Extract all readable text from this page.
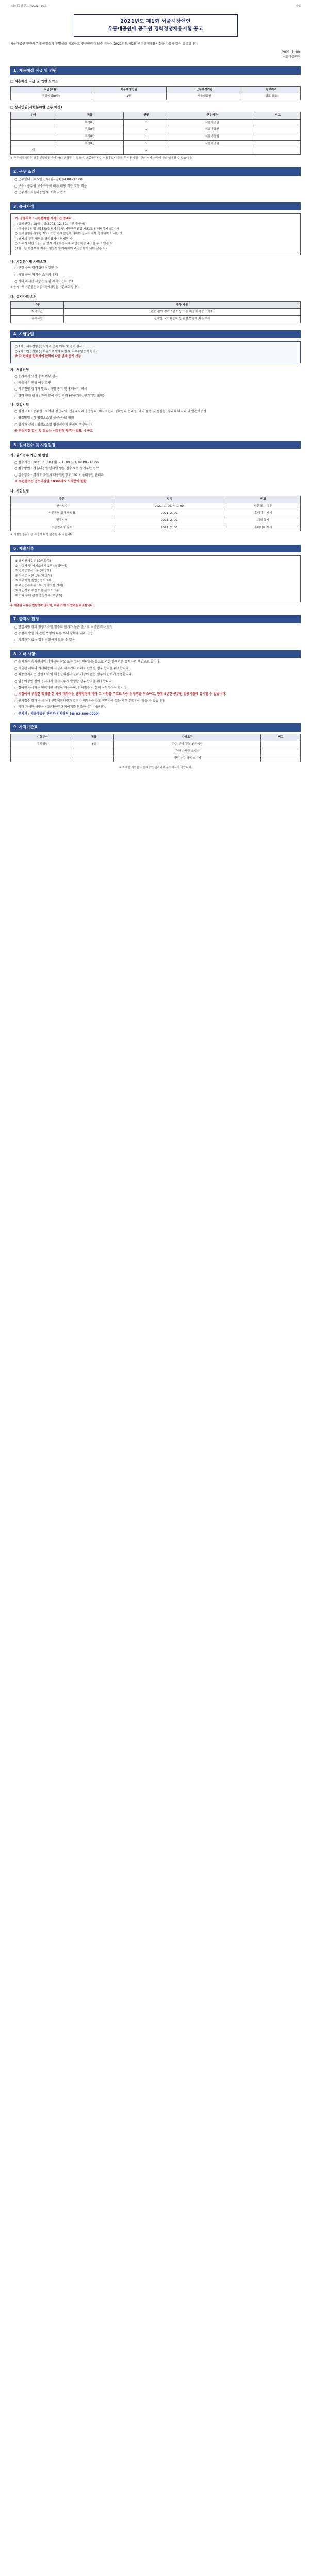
서울대공원 공고 제2021 - 00호	사업
2021년도 제1회 서울시장애인
우동대공원에 공무원 경력경쟁채용시험 공고
서울대공원 민원사무의 공정성과 투명성을 제고하고 전문인력 확보를 위하여 2021년도 제1회 경력경쟁채용시험을 다음과 같이 공고합니다.
2021. 1. 00.
서울대공원장
1. 채용예정 직급 및 인원
□ 채용예정 직급 및 인원 요약표
직급(직류)	채용예정인원	근무예정기관	필요자격
우정임업(8급)	1명	서울대공원	별도 참조
□ 상세인원(시험분야별 근무 예정)
분야	직급	인원	근무기관	비고
	우정8급	1	서울대공원	
	우정8급	1	서울대공원	
	우정8급	1	서울대공원	
	우정8급	1	서울대공원	
계		1		
※ 근무예정기관은 향후 인력사정 등에 따라 변경될 수 있으며, 최종합격자는 임용후보자 등록 후 임용예정기관의 인사 사정에 따라 임용될 수 있습니다.
2. 근무 조건
○ 근무형태 : 주 5일 근무(월~금), 09:00~18:00
○ 보수 : 공무원 보수규정에 따른 해당 직급 호봉 적용
○ 근무지 : 서울대공원 및 소속 사업소
3. 응시자격
가. 공통자격 : 시험분야별 자격요건 충족자
○ 응시연령 : 18세 이상(2003. 12. 31. 이전 출생자)
○ 국가공무원법 제33조(결격사유) 및 지방공무원법 제31조에 해당하지 않는 자
○ 공무원임용시험령 제51조 등 관계법령에 의하여 응시자격이 정지되지 아니한 자
○ 남자의 경우 병역을 필하였거나 면제된 자
○ 거주지 제한 : 공고일 현재 서울특별시에 주민등록상 주소를 두고 있는 자
(1월 1일 이전부터 최종시험일까지 계속하여 주민등록이 되어 있는 자)
나. 시험분야별 자격요건
○ 관련 분야 경력 3년 이상인 자
○ 해당 분야 자격증 소지자 우대
○ 기타 자세한 사항은 붙임 자격요건표 참조
※ 응시자격 기준일은 최종시험예정일을 기준으로 합니다.
다. 응시자격 요건
구분	세부 내용
자격요건	관련 분야 경력 3년 이상 또는 해당 자격증 소지자
우대사항	장애인, 국가유공자 등 관련 법령에 따른 우대
4. 시험방법
○ 1차 : 서류전형 (응시자격 충족 여부 및 경력 심사)
○ 2차 : 면접시험 (공무원으로서의 자질 및 직무수행능력 평가)
※ 각 단계별 합격자에 한하여 다음 단계 응시 가능
가. 서류전형
○ 응시자격 요건 충족 여부 심사
○ 제출서류 진위 여부 확인
○ 서류전형 합격자 발표 : 개별 통지 및 홈페이지 게시
○ 경력 인정 범위 : 관련 분야 근무 경력 (공공기관, 민간기업 포함)
나. 면접시험
○ 평정요소 : 공무원으로서의 정신자세, 전문지식과 응용능력, 의사표현의 정확성과 논리성, 예의·품행 및 성실성, 창의력·의지력 및 발전가능성
○ 평정방법 : 각 평정요소별 상·중·하로 평정
○ 합격자 결정 : 평정요소별 평정점수의 총점이 우수한 자
※ 면접시험 일시 및 장소는 서류전형 합격자 발표 시 공고
5. 원서접수 및 시험일정
가. 원서접수 기간 및 방법
○ 접수기간 : 2021. 1. 00.(월) ~ 1. 00.(금), 09:00~18:00
○ 접수방법 : 서울대공원 인사팀 방문 접수 또는 등기우편 접수
○ 접수장소 : 경기도 과천시 대공원광장로 102 서울대공원 관리과
※ 우편접수는 접수마감일 18:00까지 도착분에 한함
나. 시험일정
구분	일정	비고
원서접수	2021. 1. 00. ~ 1. 00.	방문 또는 우편
서류전형 합격자 발표	2021. 2. 00.	홈페이지 게시
면접시험	2021. 2. 00.	개별 통지
최종합격자 발표	2021. 2. 00.	홈페이지 게시
※ 시험일정은 기관 사정에 따라 변경될 수 있습니다.
6. 제출서류
① 응시원서 1부 (소정양식)
② 이력서 및 자기소개서 1부 (소정양식)
③ 경력증명서 1부 (해당자)
④ 자격증 사본 1부 (해당자)
⑤ 최종학력 졸업증명서 1부
⑥ 주민등록초본 1부 (병역사항 기재)
⑦ 개인정보 수집·이용 동의서 1부
⑧ 기타 우대 관련 증빙서류 (해당자)
※ 제출된 서류는 반환하지 않으며, 허위 기재 시 합격을 취소합니다.
7. 합격자 결정
○ 면접시험 결과 평정요소별 점수의 합계가 높은 순으로 최종합격자 결정
○ 동점자 발생 시 관련 법령에 따른 우대 순위에 따라 결정
○ 적격자가 없는 경우 선발하지 않을 수 있음
8. 기타 사항
○ 응시자는 응시원서의 기재사항 착오 또는 누락, 연락불능 등으로 인한 불이익은 응시자의 책임으로 합니다.
○ 제출된 서류의 기재내용이 사실과 다르거나 허위로 판명될 경우 합격을 취소합니다.
○ 최종합격자는 신원조회 및 채용신체검사 결과 이상이 없는 경우에 한하여 임용합니다.
○ 임용예정일 전에 응시자격 결격사유가 발생할 경우 합격을 취소합니다.
○ 장애인 응시자는 편의지원 신청이 가능하며, 원서접수 시 함께 신청하여야 합니다.
○ 시험에서 부정한 행위를 한 자에 대하여는 관계법령에 따라 그 시험을 무효로 하거나 합격을 취소하고, 향후 5년간 공무원 임용시험에 응시할 수 없습니다.
○ 원서접수 결과 응시자가 선발예정인원과 같거나 미달하더라도 적격자가 없는 경우 선발하지 않을 수 있습니다.
○ 기타 자세한 사항은 서울대공원 홈페이지를 참조하시기 바랍니다.
○ 문의처 : 서울대공원 관리과 인사담당 (☎ 02-500-0000)
9. 자격기준표
시험분야	직급	자격요건	비고
우정임업	8급	관련 분야 경력 3년 이상	
		관련 자격증 소지자	
		해당 분야 학위 소지자	
※ 자세한 사항은 서울대공원 관리과로 문의하시기 바랍니다.
